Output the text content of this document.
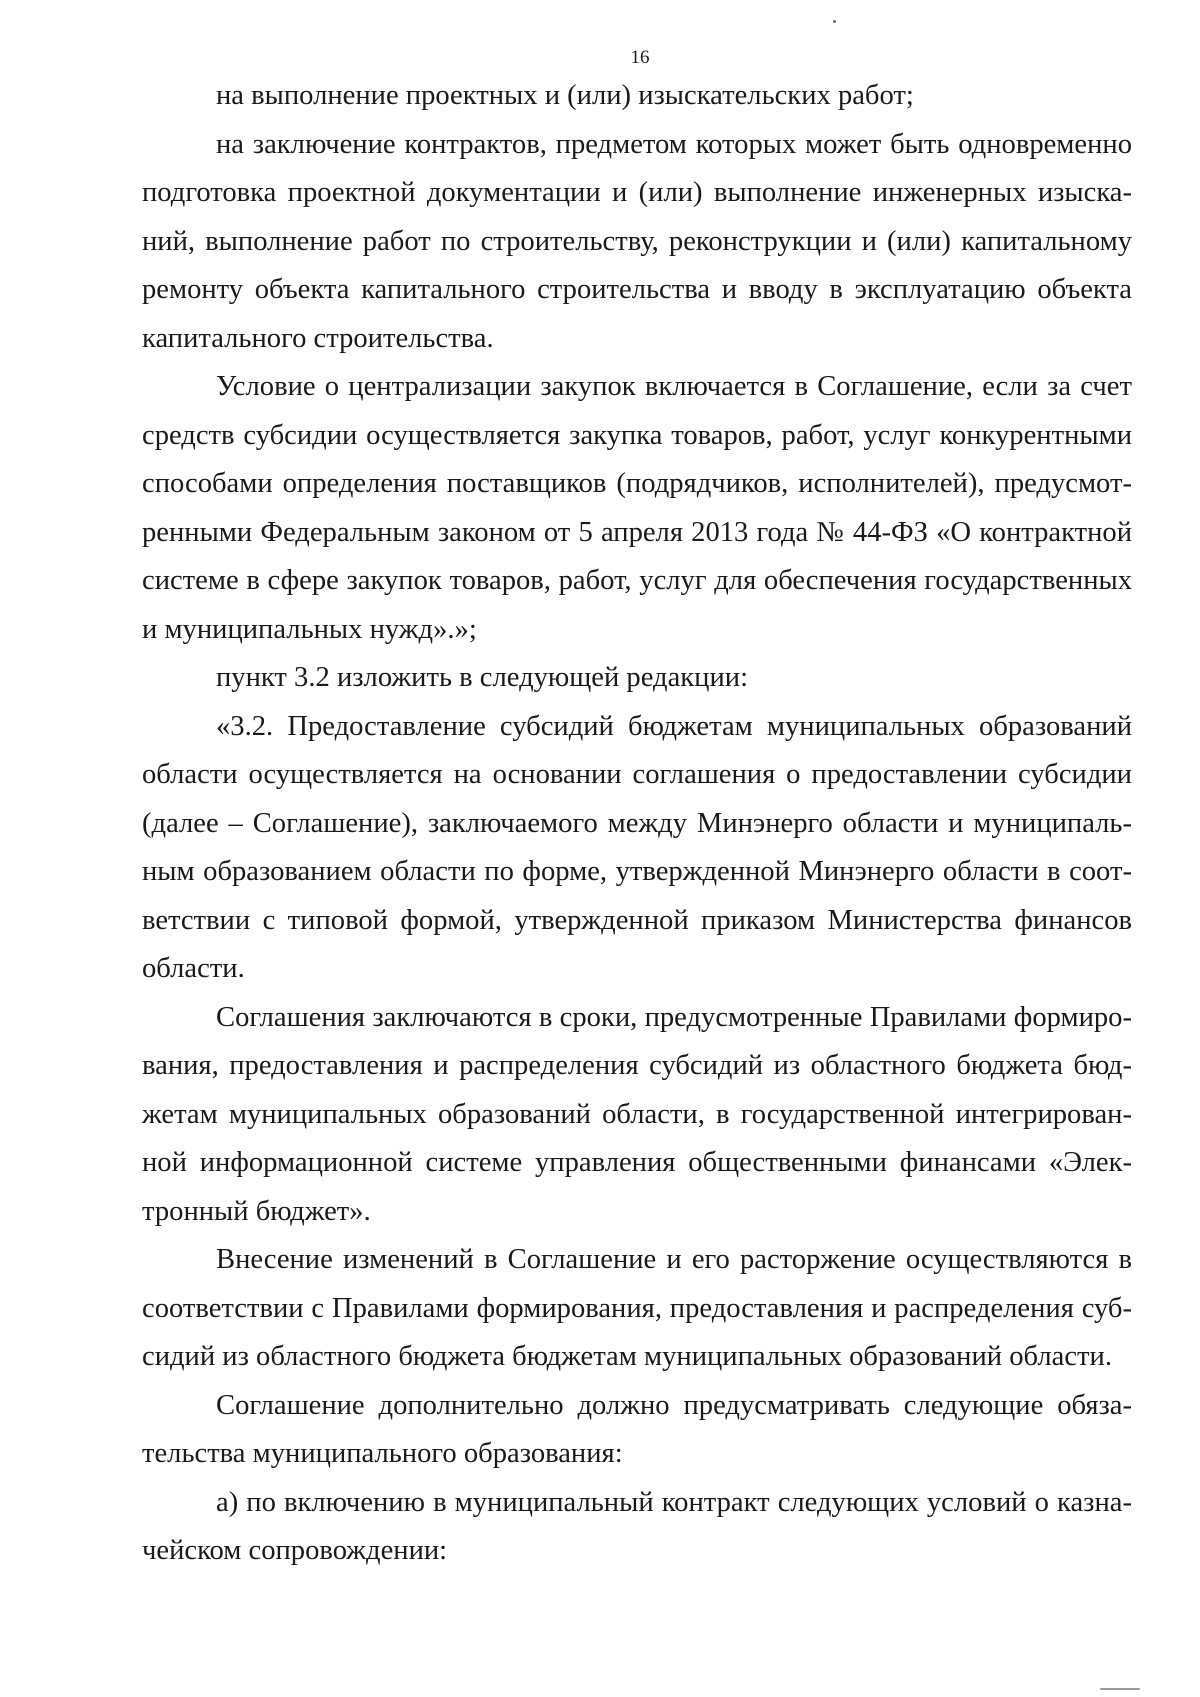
16

на выполнение проектных и (или) изыскательских работ;

на заключение контрактов, предметом которых может быть одновременно подготовка проектной документации и (или) выполнение инженерных изыска-ний, выполнение работ по строительству, реконструкции и (или) капитальному ремонту объекта капитального строительства и вводу в эксплуатацию объекта капитального строительства.

Условие о централизации закупок включается в Соглашение, если за счет средств субсидии осуществляется закупка товаров, работ, услуг конкурентными способами определения поставщиков (подрядчиков, исполнителей), предусмот-ренными Федеральным законом от 5 апреля 2013 года № 44-ФЗ «О контрактной системе в сфере закупок товаров, работ, услуг для обеспечения государственных и муниципальных нужд».»;

пункт 3.2 изложить в следующей редакции:

«3.2. Предоставление субсидий бюджетам муниципальных образований области осуществляется на основании соглашения о предоставлении субсидии (далее – Соглашение), заключаемого между Минэнерго области и муниципаль-ным образованием области по форме, утвержденной Минэнерго области в соот-ветствии с типовой формой, утвержденной приказом Министерства финансов области.

Соглашения заключаются в сроки, предусмотренные Правилами формиро-вания, предоставления и распределения субсидий из областного бюджета бюд-жетам муниципальных образований области, в государственной интегрирован-ной информационной системе управления общественными финансами «Элек-тронный бюджет».

Внесение изменений в Соглашение и его расторжение осуществляются в соответствии с Правилами формирования, предоставления и распределения суб-сидий из областного бюджета бюджетам муниципальных образований области.

Соглашение дополнительно должно предусматривать следующие обяза-тельства муниципального образования:

а) по включению в муниципальный контракт следующих условий о казна-чейском сопровождении:
